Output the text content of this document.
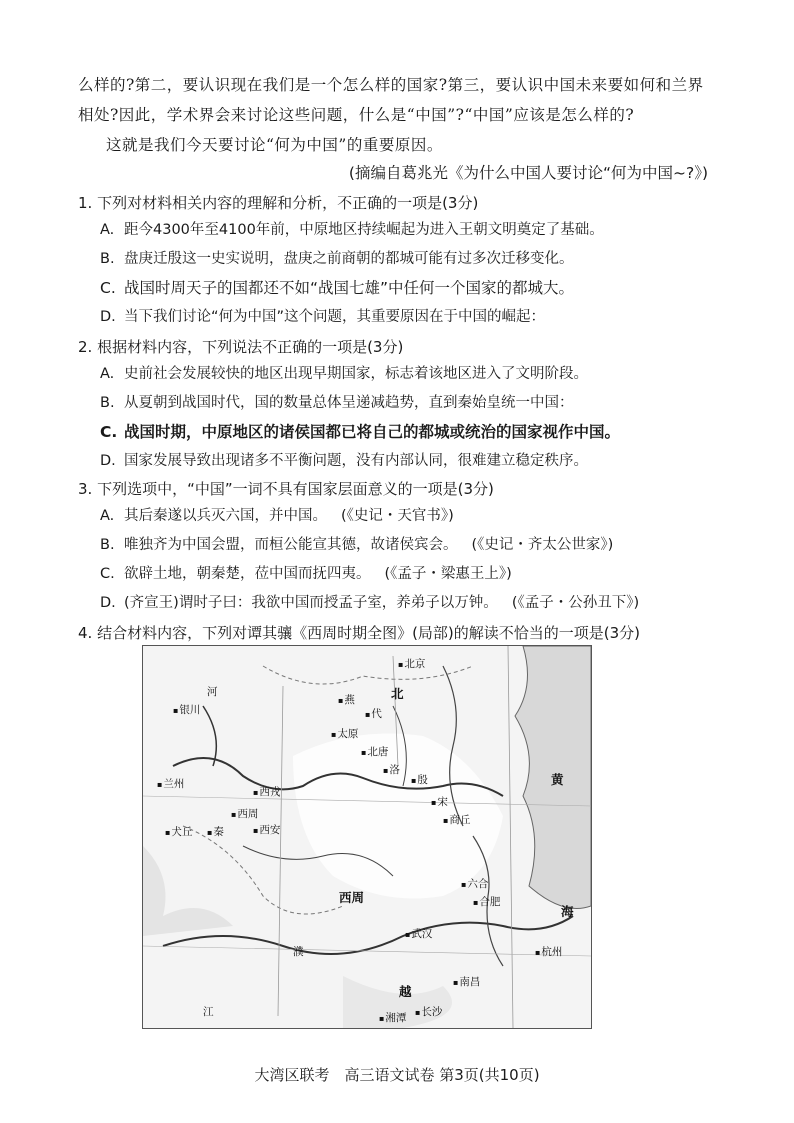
么样的?第二，要认识现在我们是一个怎么样的国家?第三，要认识中国未来要如何和兰界相处?因此，学术界会来讨论这些问题，什么是“中国”?“中国”应该是怎么样的?
这就是我们今天要讨论“何为中国”的重要原因。
(摘编自葛兆光《为什么中国人要讨论“何为中国~?》)
1. 下列对材料相关内容的理解和分析，不正确的一项是(3分)
A. 距今4300年至4100年前，中原地区持续崛起为进入王朝文明奠定了基础。
B. 盘庚迁殷这一史实说明，盘庚之前商朝的都城可能有过多次迁移变化。
C. 战国时周天子的国都还不如“战国七雄”中任何一个国家的都城大。
D. 当下我们讨论“何为中国”这个问题，其重要原因在于中国的崛起：
2. 根据材料内容，下列说法不正确的一项是(3分)
A. 史前社会发展较快的地区出现早期国家，标志着该地区进入了文明阶段。
B. 从夏朝到战国时代，国的数量总体呈递减趋势，直到秦始皇统一中国：
C. 战国时期，中原地区的诸侯国都已将自己的都城或统治的国家视作中国。
D. 国家发展导致出现诸多不平衡问题，没有内部认同，很难建立稳定秩序。
3. 下列选项中，“中国”一词不具有国家层面意义的一项是(3分)
A. 其后秦遂以兵灭六国，并中国。 (《史记・天官书》)
B. 唯独齐为中国会盟，而桓公能宣其德，故诸侯宾会。 (《史记・齐太公世家》)
C. 欲辟土地，朝秦楚，莅中国而抚四夷。 (《孟子・梁惠王上》)
D. (齐宣王)谓时子曰：我欲中国而授孟子室，养弟子以万钟。 (《孟子・公孙丑下》)
4. 结合材料内容，下列对谭其骧《西周时期全图》(局部)的解读不恰当的一项是(3分)
▪ 北京
北
▪ 燕
▪ 代
▪ 太原
▪ 北唐
▪ 洛
▪ 殷
▪ 商丘
▪ 宋
▪ 西周
▪ 西安
▪ 兰州
▪ 银川
黄
河
▪ 秦
▪ 西戎
▪ 犬丘
▪ 六合
▪ 合肥
▪ 武汉
▪ 杭州
▪ 南昌
▪ 长沙
越
▪ 湘潭
江
海
濮
西周
大湾区联考　高三语文试卷 第3页(共10页)
